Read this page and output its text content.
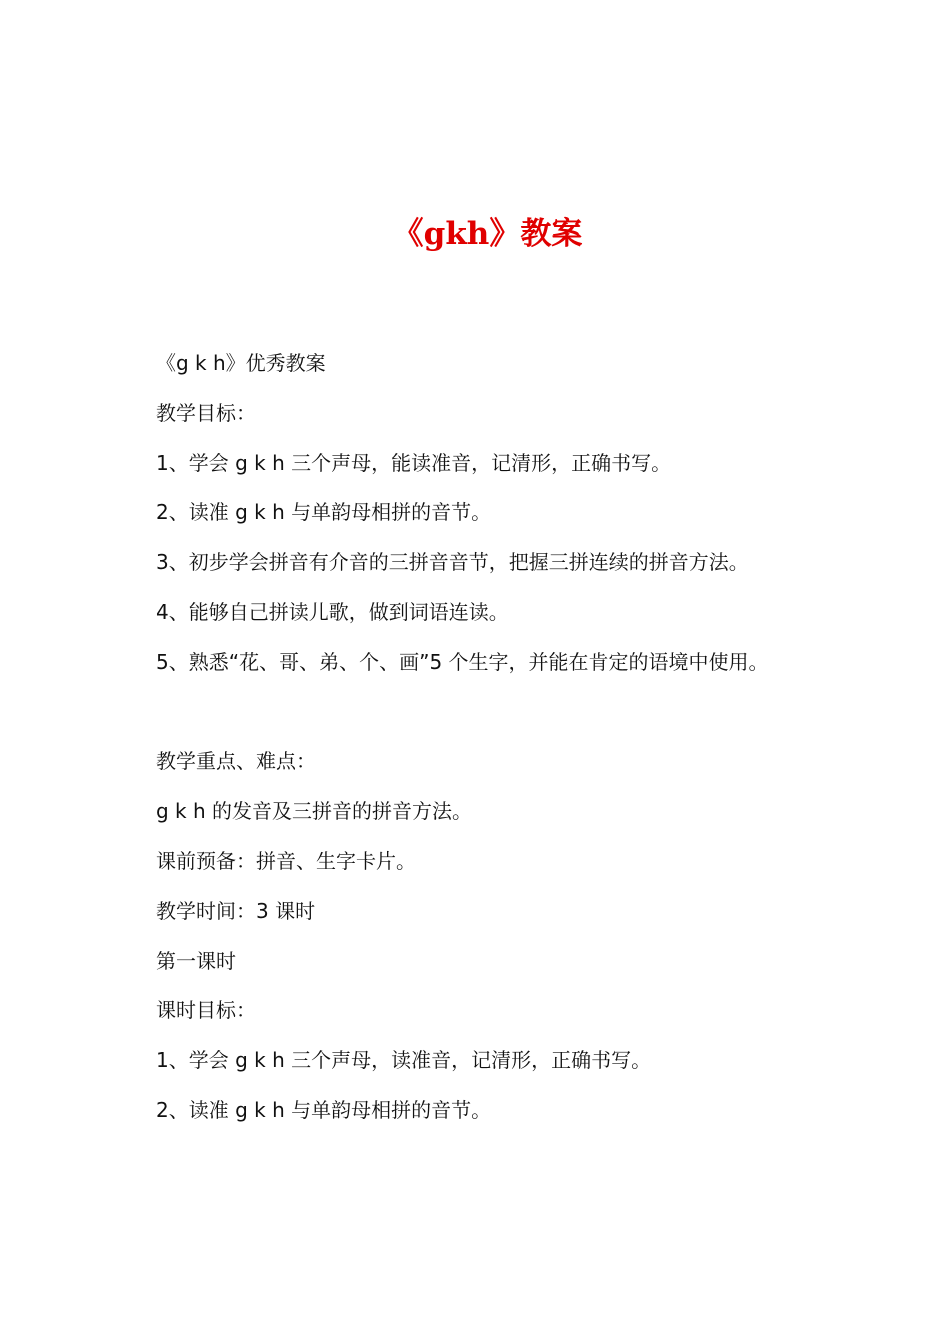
《gkh》教案
《g k h》优秀教案
教学目标：
1、学会 g k h 三个声母，能读准音，记清形，正确书写。
2、读准 g k h 与单韵母相拼的音节。
3、初步学会拼音有介音的三拼音音节，把握三拼连续的拼音方法。
4、能够自己拼读儿歌，做到词语连读。
5、熟悉“花、哥、弟、个、画”5 个生字，并能在肯定的语境中使用。
教学重点、难点：
g k h 的发音及三拼音的拼音方法。
课前预备：拼音、生字卡片。
教学时间：3 课时
第一课时
课时目标：
1、学会 g k h 三个声母，读准音，记清形，正确书写。
2、读准 g k h 与单韵母相拼的音节。
